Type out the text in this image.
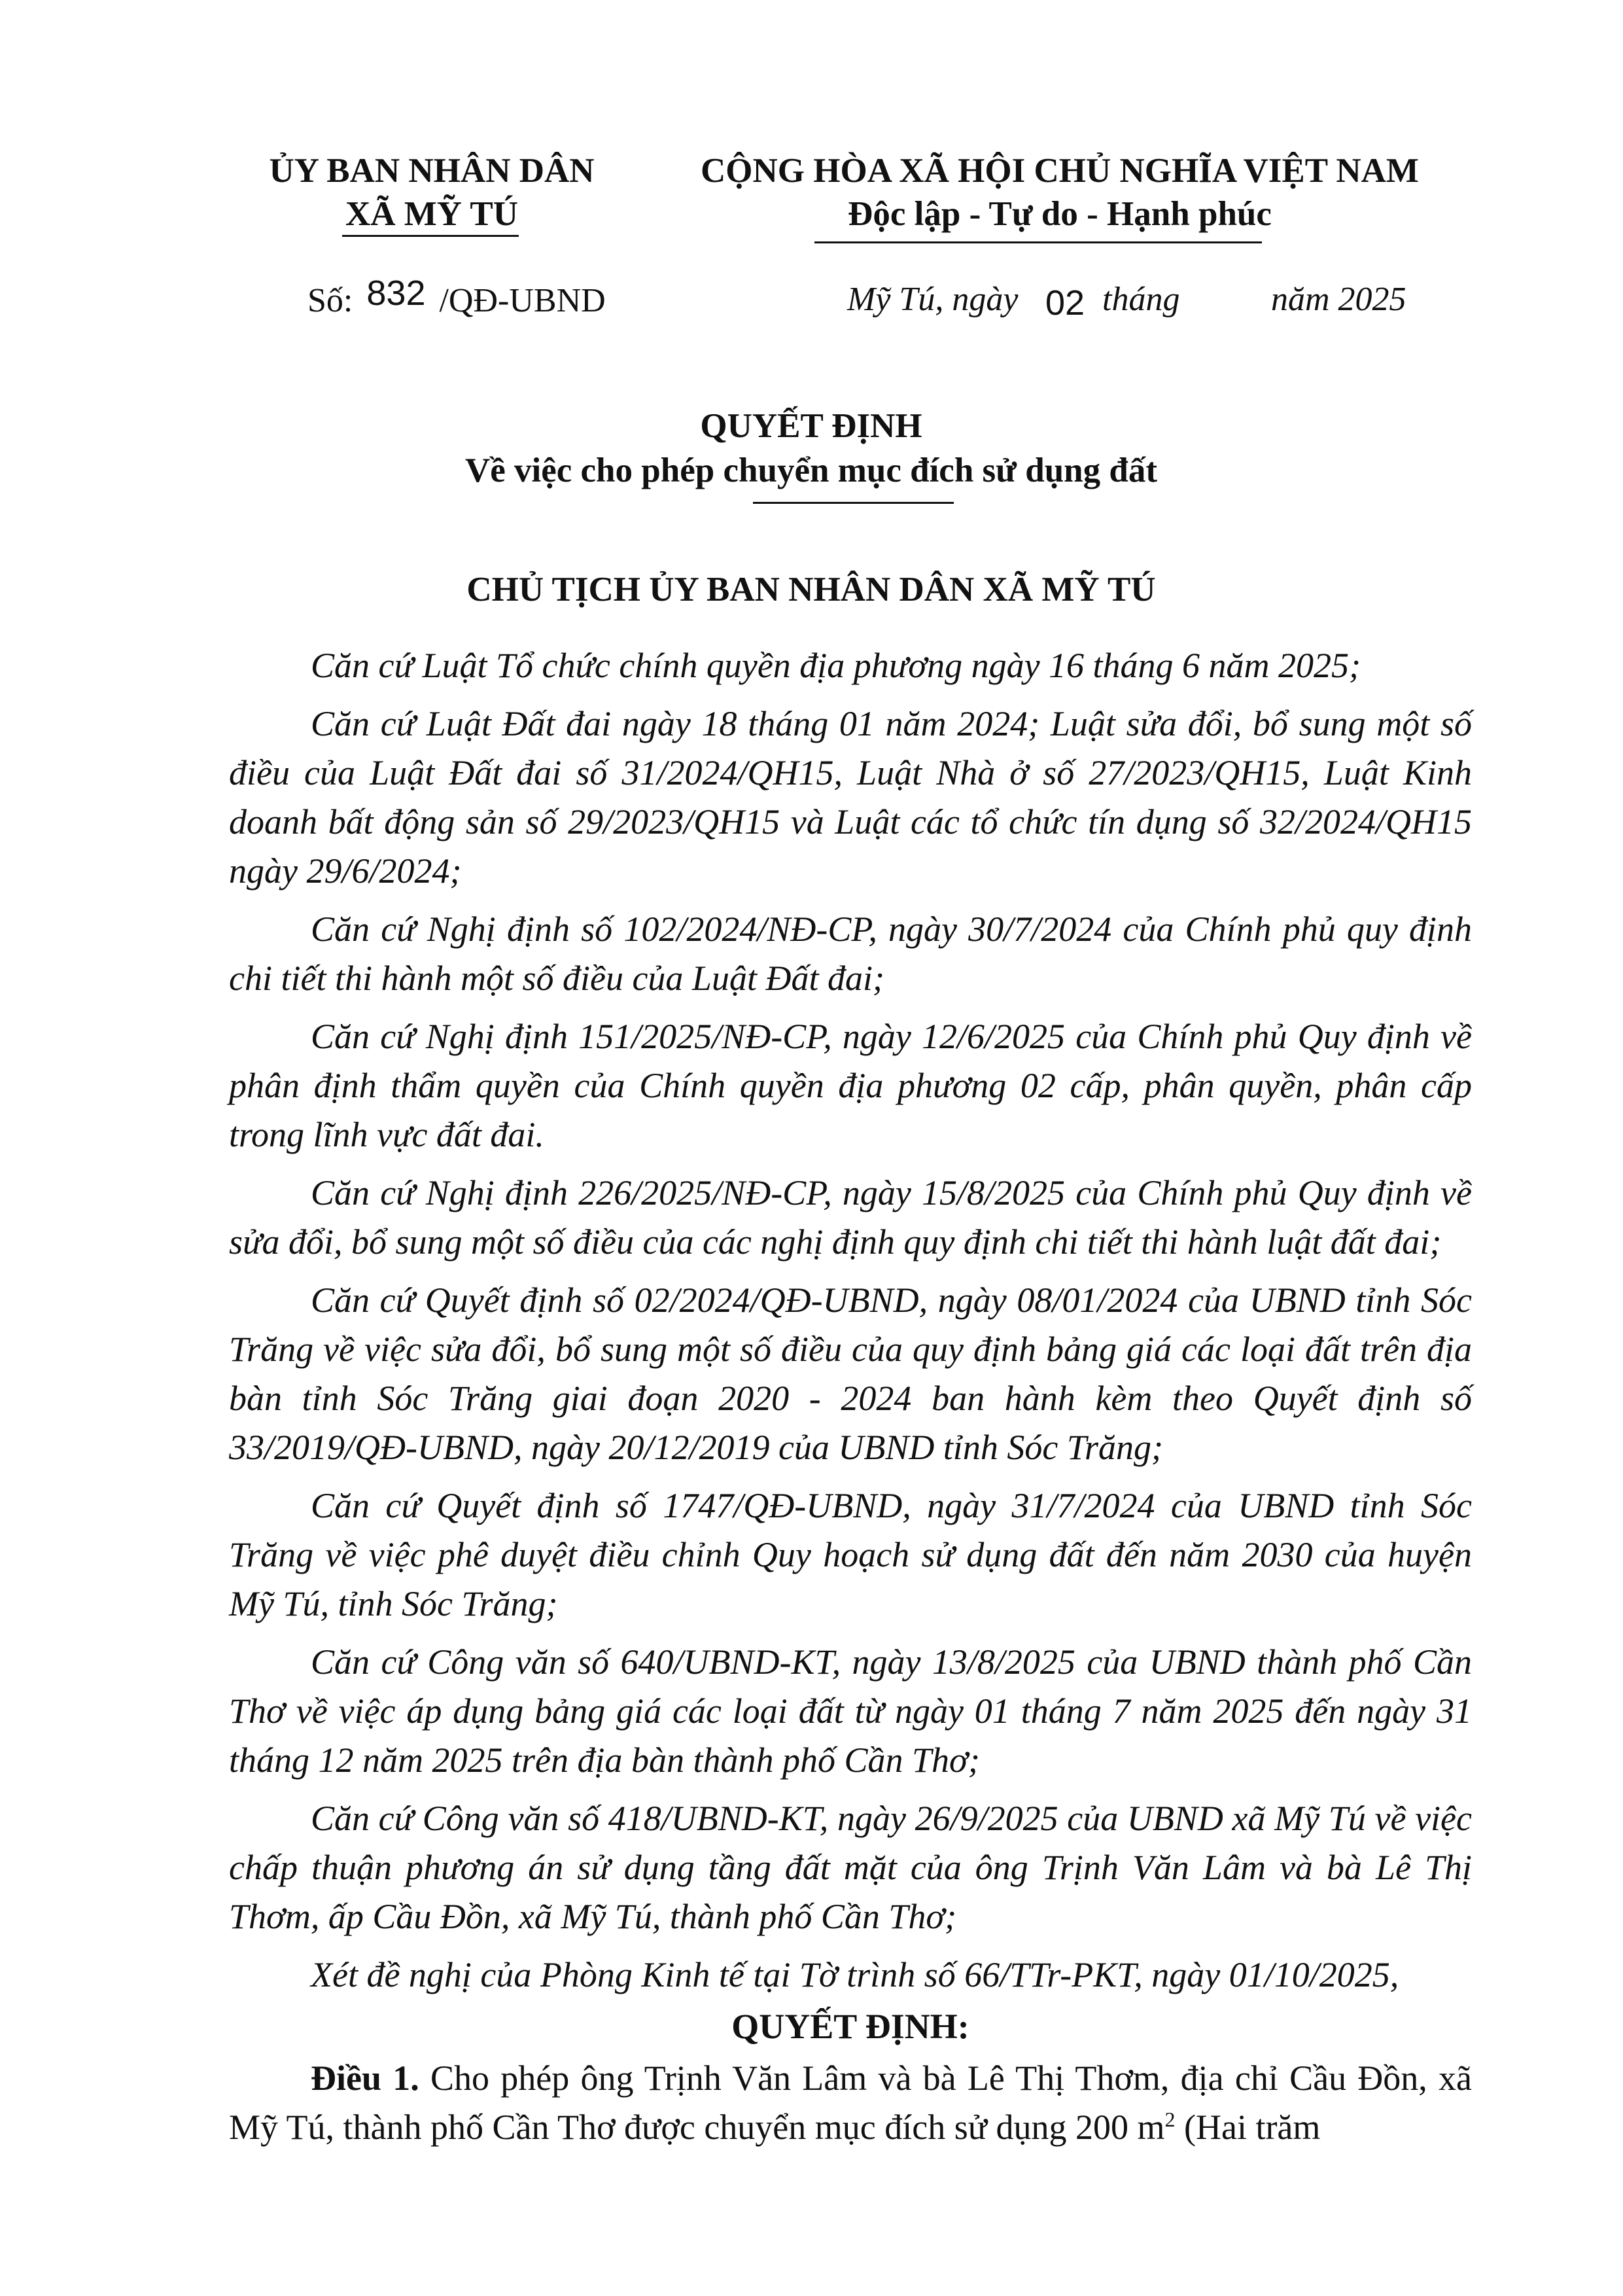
ỦY BAN NHÂN DÂN
XÃ MỸ TÚ
CỘNG HÒA XÃ HỘI CHỦ NGHĨA VIỆT NAM
Độc lập - Tự do - Hạnh phúc
Số: 832 /QĐ-UBND	Mỹ Tú, ngày 02 tháng	năm 2025
QUYẾT ĐỊNH
Về việc cho phép chuyển mục đích sử dụng đất
CHỦ TỊCH ỦY BAN NHÂN DÂN XÃ MỸ TÚ

Căn cứ Luật Tổ chức chính quyền địa phương ngày 16 tháng 6 năm 2025;

Căn cứ Luật Đất đai ngày 18 tháng 01 năm 2024; Luật sửa đổi, bổ sung một số điều của Luật Đất đai số 31/2024/QH15, Luật Nhà ở số 27/2023/QH15, Luật Kinh doanh bất động sản số 29/2023/QH15 và Luật các tổ chức tín dụng số 32/2024/QH15 ngày 29/6/2024;

Căn cứ Nghị định số 102/2024/NĐ-CP, ngày 30/7/2024 của Chính phủ quy định chi tiết thi hành một số điều của Luật Đất đai;

Căn cứ Nghị định 151/2025/NĐ-CP, ngày 12/6/2025 của Chính phủ Quy định về phân định thẩm quyền của Chính quyền địa phương 02 cấp, phân quyền, phân cấp trong lĩnh vực đất đai.

Căn cứ Nghị định 226/2025/NĐ-CP, ngày 15/8/2025 của Chính phủ Quy định về sửa đổi, bổ sung một số điều của các nghị định quy định chi tiết thi hành luật đất đai;

Căn cứ Quyết định số 02/2024/QĐ-UBND, ngày 08/01/2024 của UBND tỉnh Sóc Trăng về việc sửa đổi, bổ sung một số điều của quy định bảng giá các loại đất trên địa bàn tỉnh Sóc Trăng giai đoạn 2020 - 2024 ban hành kèm theo Quyết định số 33/2019/QĐ-UBND, ngày 20/12/2019 của UBND tỉnh Sóc Trăng;

Căn cứ Quyết định số 1747/QĐ-UBND, ngày 31/7/2024 của UBND tỉnh Sóc Trăng về việc phê duyệt điều chỉnh Quy hoạch sử dụng đất đến năm 2030 của huyện Mỹ Tú, tỉnh Sóc Trăng;

Căn cứ Công văn số 640/UBND-KT, ngày 13/8/2025 của UBND thành phố Cần Thơ về việc áp dụng bảng giá các loại đất từ ngày 01 tháng 7 năm 2025 đến ngày 31 tháng 12 năm 2025 trên địa bàn thành phố Cần Thơ;

Căn cứ Công văn số 418/UBND-KT, ngày 26/9/2025 của UBND xã Mỹ Tú về việc chấp thuận phương án sử dụng tầng đất mặt của ông Trịnh Văn Lâm và bà Lê Thị Thơm, ấp Cầu Đồn, xã Mỹ Tú, thành phố Cần Thơ;

Xét đề nghị của Phòng Kinh tế tại Tờ trình số 66/TTr-PKT, ngày 01/10/2025,

QUYẾT ĐỊNH:

Điều 1. Cho phép ông Trịnh Văn Lâm và bà Lê Thị Thơm, địa chỉ Cầu Đồn, xã Mỹ Tú, thành phố Cần Thơ được chuyển mục đích sử dụng 200 $m^2$ (Hai trăm
